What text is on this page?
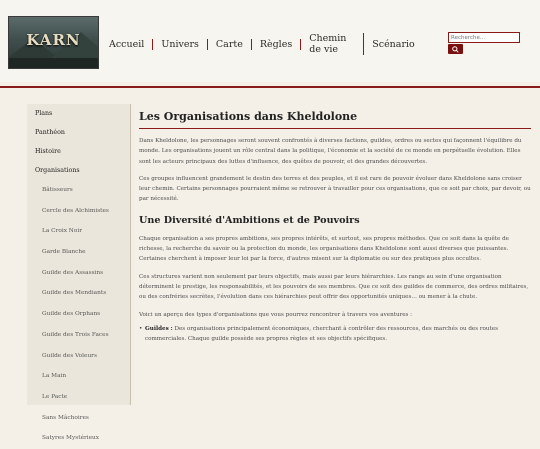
KARN	Accueil	Univers	Carte	Règles	Chemin de vie	Scénario
Recherche...
Plans
Panthéon
Histoire
Organisations
Bâtisseurs
Cercle des Alchimistes
La Croix Noir
Garde Blanche
Guilde des Assassins
Guilde des Mendiants
Guilde des Orphans
Guilde des Trois Faces
Guilde des Voleurs
La Main
Le Pacte
Sans Mâchoires
Satyres Mystérieux
Les Organisations dans Kheldolone

Dans Kheldolone, les personnages seront souvent confrontés à diverses factions, guildes, ordres ou sectes qui façonnent l'équilibre du monde. Les organisations jouent un rôle central dans la politique, l'économie et la société de ce monde en perpétuelle évolution. Elles sont les acteurs principaux des luttes d'influence, des quêtes de pouvoir, et des grandes découvertes.

Ces groupes influencent grandement le destin des terres et des peuples, et il est rare de pouvoir évoluer dans Kheldolone sans croiser leur chemin. Certains personnages pourraient même se retrouver à travailler pour ces organisations, que ce soit par choix, par devoir, ou par nécessité.

Une Diversité d'Ambitions et de Pouvoirs

Chaque organisation a ses propres ambitions, ses propres intérêts, et surtout, ses propres méthodes. Que ce soit dans la quête de richesse, la recherche du savoir ou la protection du monde, les organisations dans Kheldolone sont aussi diverses que puissantes. Certaines cherchent à imposer leur loi par la force, d'autres misent sur la diplomatie ou sur des pratiques plus occultes.

Ces structures varient non seulement par leurs objectifs, mais aussi par leurs hiérarchies. Les rangs au sein d'une organisation déterminent le prestige, les responsabilités, et les pouvoirs de ses membres. Que ce soit des guildes de commerce, des ordres militaires, ou des confréries secrètes, l'évolution dans ces hiérarchies peut offrir des opportunités uniques… ou mener à la chute.

Voici un aperçu des types d'organisations que vous pourrez rencontrer à travers vos aventures :

• Guildes : Des organisations principalement économiques, cherchant à contrôler des ressources, des marchés ou des routes commerciales. Chaque guilde possède ses propres règles et ses objectifs spécifiques.
